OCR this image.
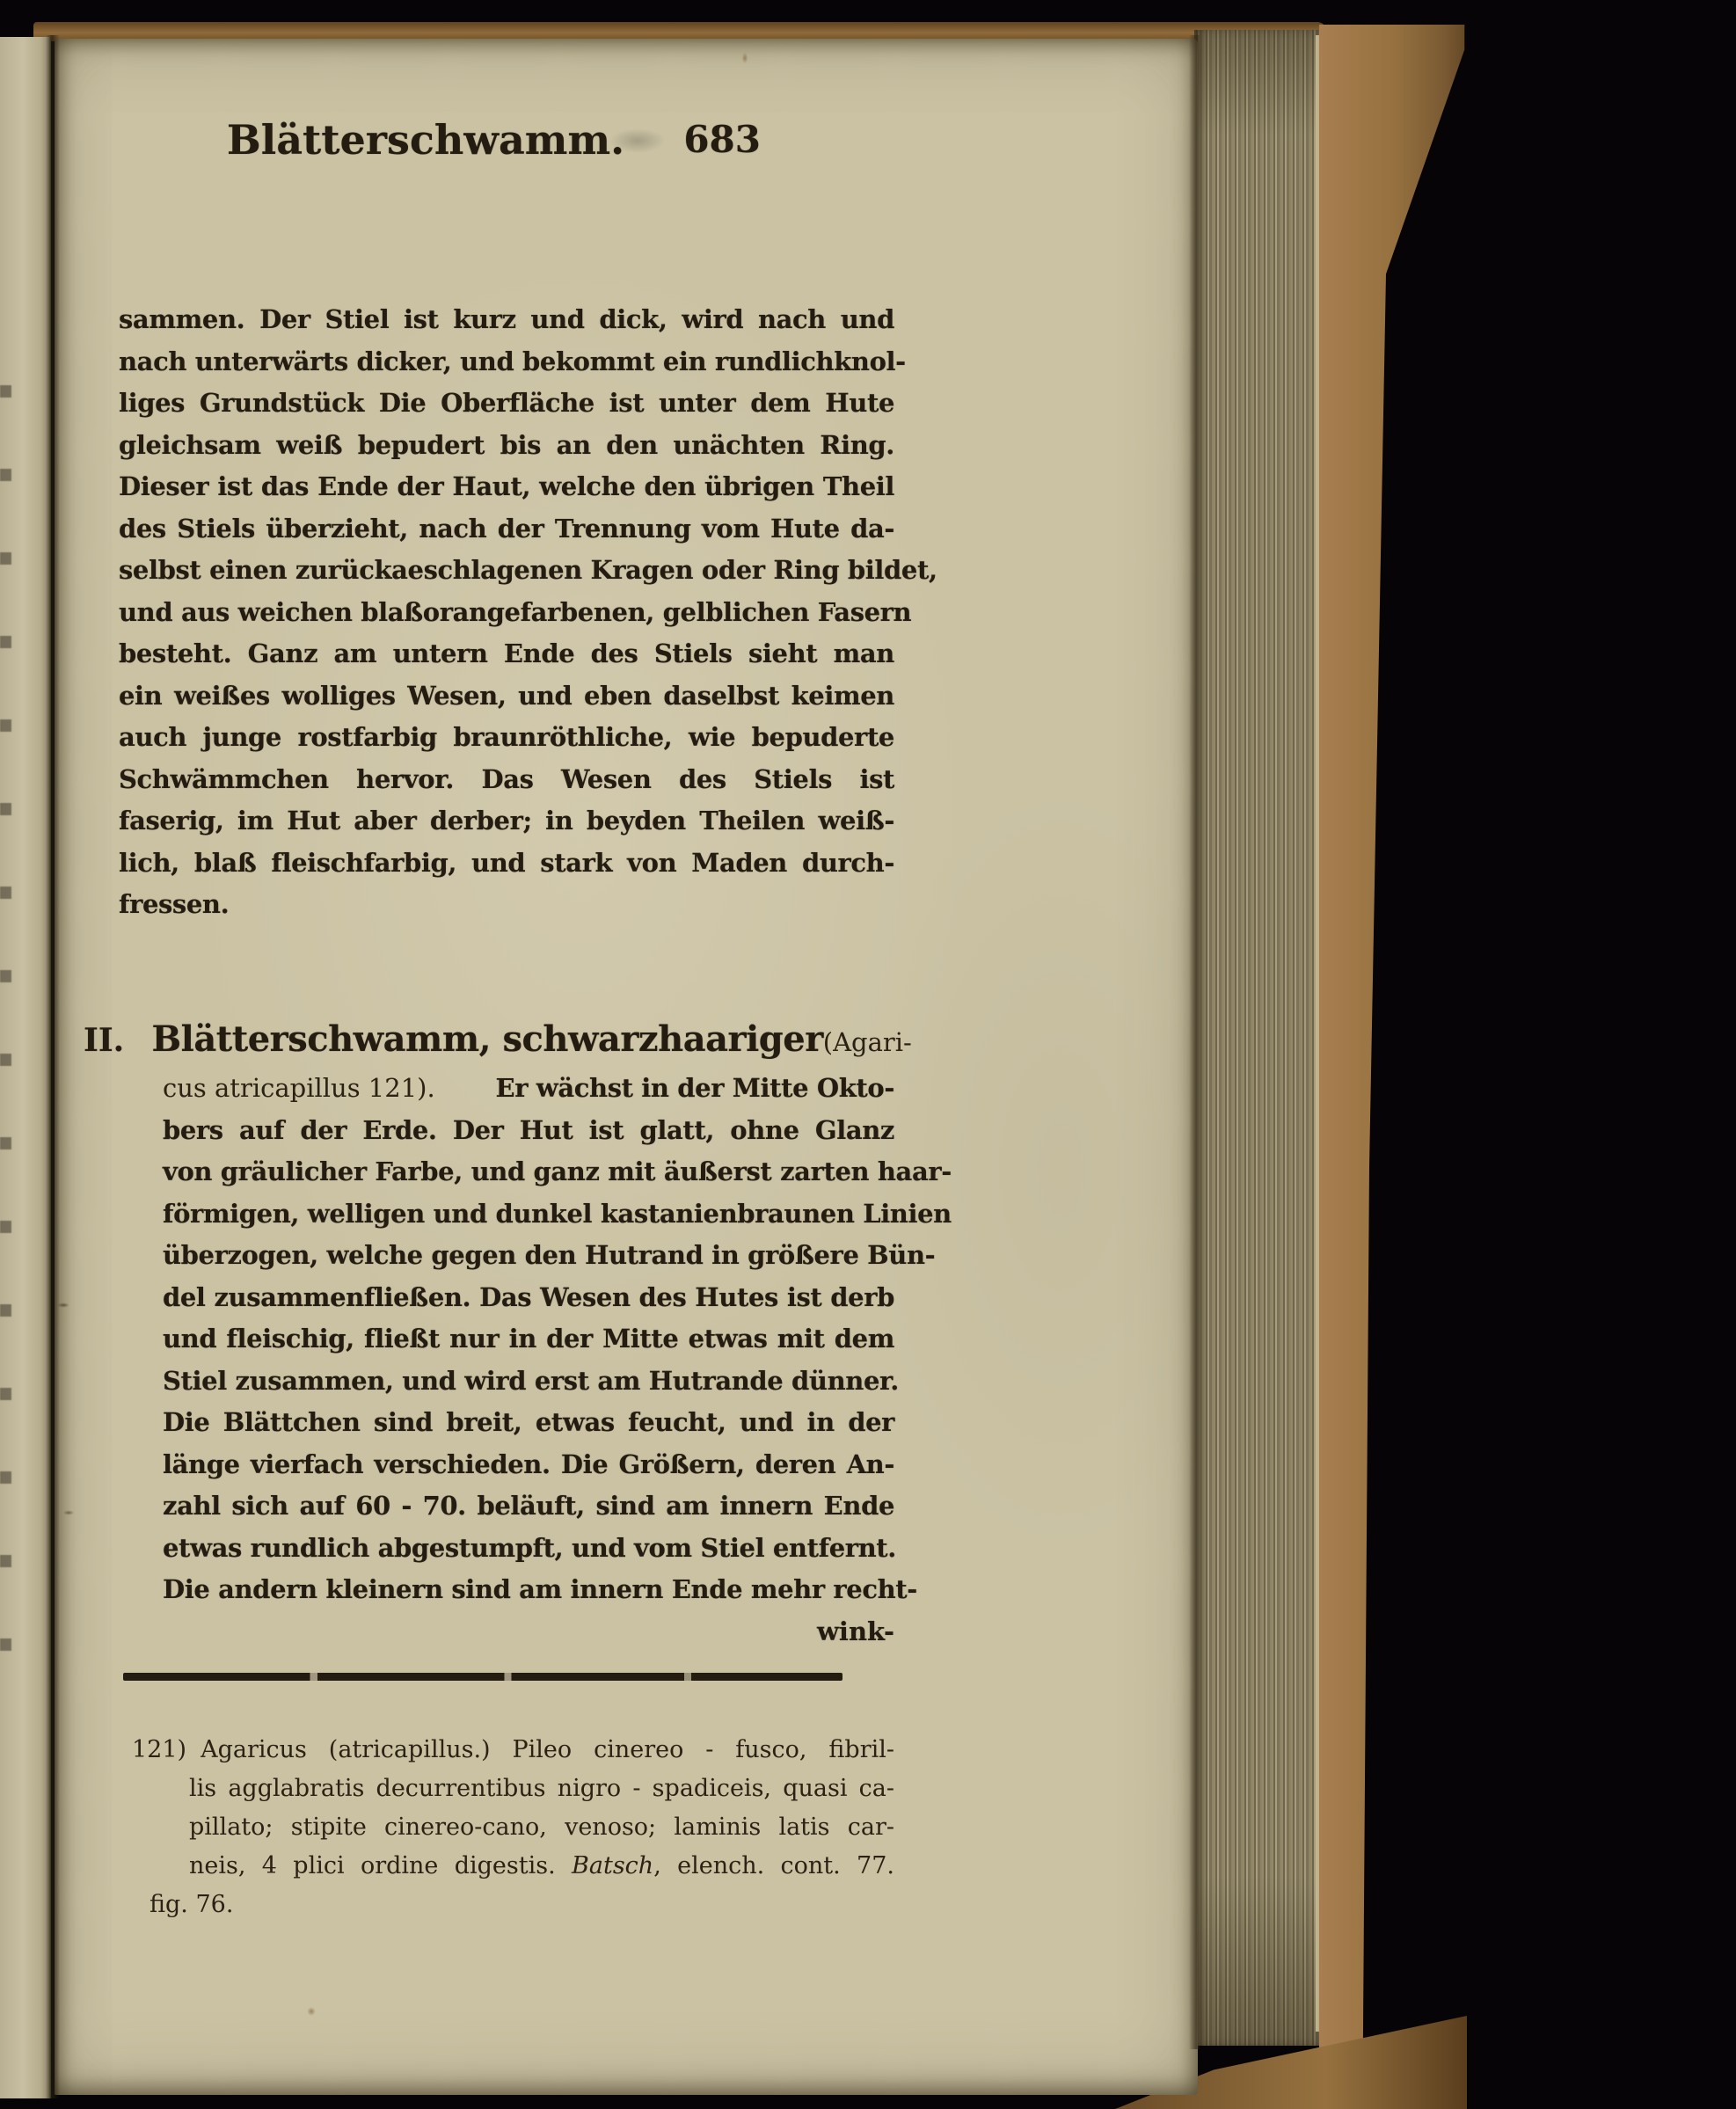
Blätterschwamm. 683
sammen. Der Stiel ist kurz und dick, wird nach und
nach unterwärts dicker, und bekommt ein rundlichknol-
liges Grundstück Die Oberfläche ist unter dem Hute
gleichsam weiß bepudert bis an den unächten Ring.
Dieser ist das Ende der Haut, welche den übrigen Theil
des Stiels überzieht, nach der Trennung vom Hute da-
selbst einen zurückaeschlagenen Kragen oder Ring bildet,
und aus weichen blaßorangefarbenen, gelblichen Fasern
besteht. Ganz am untern Ende des Stiels sieht man
ein weißes wolliges Wesen, und eben daselbst keimen
auch junge rostfarbig braunröthliche, wie bepuderte
Schwämmchen hervor. Das Wesen des Stiels ist
faserig, im Hut aber derber; in beyden Theilen weiß-
lich, blaß fleischfarbig, und stark von Maden durch-
fressen.
II. Blätterschwamm, schwarzhaariger (Agari-
cus atricapillus 121). Er wächst in der Mitte Okto-
bers auf der Erde. Der Hut ist glatt, ohne Glanz
von gräulicher Farbe, und ganz mit äußerst zarten haar-
förmigen, welligen und dunkel kastanienbraunen Linien
überzogen, welche gegen den Hutrand in größere Bün-
del zusammenfließen. Das Wesen des Hutes ist derb
und fleischig, fließt nur in der Mitte etwas mit dem
Stiel zusammen, und wird erst am Hutrande dünner.
Die Blättchen sind breit, etwas feucht, und in der
länge vierfach verschieden. Die Größern, deren An-
zahl sich auf 60 - 70. beläuft, sind am innern Ende
etwas rundlich abgestumpft, und vom Stiel entfernt.
Die andern kleinern sind am innern Ende mehr recht-
wink-
121) Agaricus (atricapillus.) Pileo cinereo - fusco, fibril-
lis agglabratis decurrentibus nigro - spadiceis, quasi ca-
pillato; stipite cinereo-cano, venoso; laminis latis car-
neis, 4 plici ordine digestis. Batsch, elench. cont. 77.
fig. 76.
